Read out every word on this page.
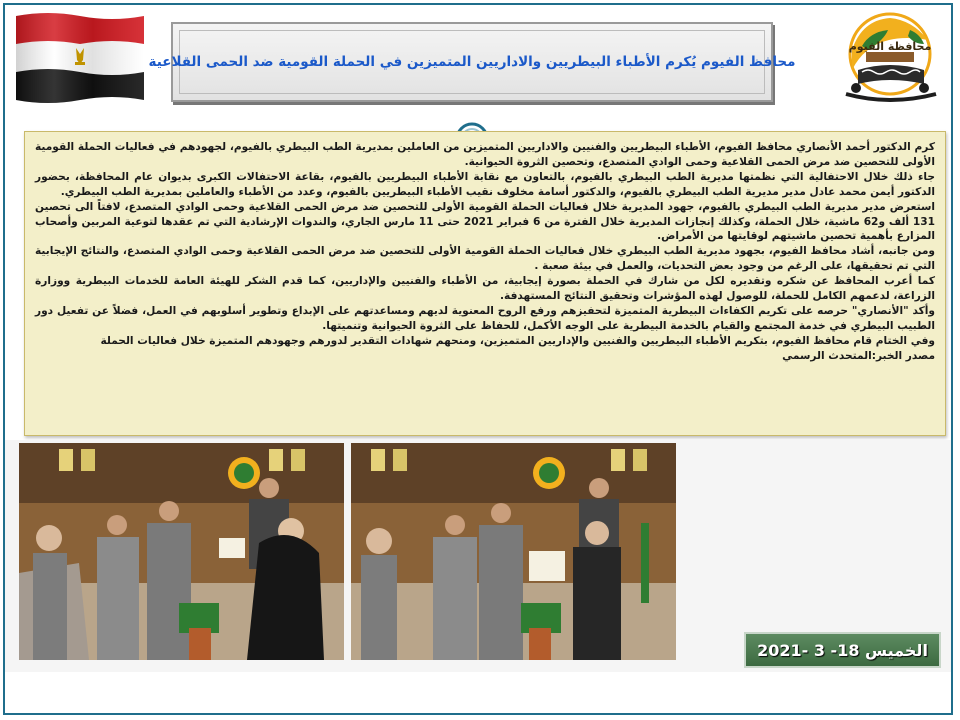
محافظ الفيوم يُكرم الأطباء البيطريين والاداريين المتميزين في الحملة القومية ضد الحمى القلاعية
محافظة الفيوم

كرم الدكتور أحمد الأنصاري محافظ الفيوم، الأطباء البيطريين والفنيين والاداريين المتميزين من العاملين بمديرية الطب البيطري بالفيوم، لجهودهم في فعاليات الحملة القومية الأولى للتحصين ضد مرض الحمى القلاعية وحمى الوادي المتصدع، وتحصين الثروة الحيوانية.

جاء ذلك خلال الاحتفالية التي نظمتها مديرية الطب البيطري بالفيوم، بالتعاون مع نقابة الأطباء البيطريين بالفيوم، بقاعة الاحتفالات الكبرى بديوان عام المحافظة، بحضور الدكتور أيمن محمد عادل مدير مديرية الطب البيطري بالفيوم، والدكتور أسامة مخلوف نقيب الأطباء البيطريين بالفيوم، وعدد من الأطباء والعاملين بمديرية الطب البيطري.

استعرض مدير مديرية الطب البيطري بالفيوم، جهود المديرية خلال فعاليات الحملة القومية الأولى للتحصين ضد مرض الحمى القلاعية وحمى الوادي المتصدع، لافتاً الى تحصين 131 ألف و62 ماشية، خلال الحملة، وكذلك إنجازات المديرية خلال الفترة من 6 فبراير 2021 حتى 11 مارس الجاري، والندوات الإرشادية التي تم عقدها لتوعية المربين وأصحاب المزارع بأهمية تحصين ماشيتهم لوقايتها من الأمراض.

ومن جانبه، أشاد محافظ الفيوم، بجهود مديرية الطب البيطري خلال فعاليات الحملة القومية الأولى للتحصين ضد مرض الحمى القلاعية وحمى الوادي المتصدع، والنتائج الإيجابية التي تم تحقيقها، على الرغم من وجود بعض التحديات، والعمل في بيئة صعبة .

كما أعرب المحافظ عن شكره وتقديره لكل من شارك في الحملة بصورة إيجابية، من الأطباء والفنيين والإداريين، كما قدم الشكر للهيئة العامة للخدمات البيطرية ووزارة الزراعة، لدعمهم الكامل للحملة، للوصول لهذه المؤشرات وتحقيق النتائج المستهدفة.

وأكد "الأنصاري" حرصه على تكريم الكفاءات البيطرية المتميزة لتحفيزهم ورفع الروح المعنوية لديهم ومساعدتهم على الإبداع وتطوير أسلوبهم في العمل، فضلاً عن تفعيل دور الطبيب البيطري في خدمة المجتمع والقيام بالخدمة البيطرية على الوجه الأكمل، للحفاظ على الثروة الحيوانية وتنميتها.

وفي الختام قام محافظ الفيوم، بتكريم الأطباء البيطريين والفنيين والإداريين المتميزين، ومنحهم شهادات التقدير لدورهم وجهودهم المتميزة خلال فعاليات الحملة

مصدر الخبر:المتحدث الرسمي

الخميس 18- 3 -2021
